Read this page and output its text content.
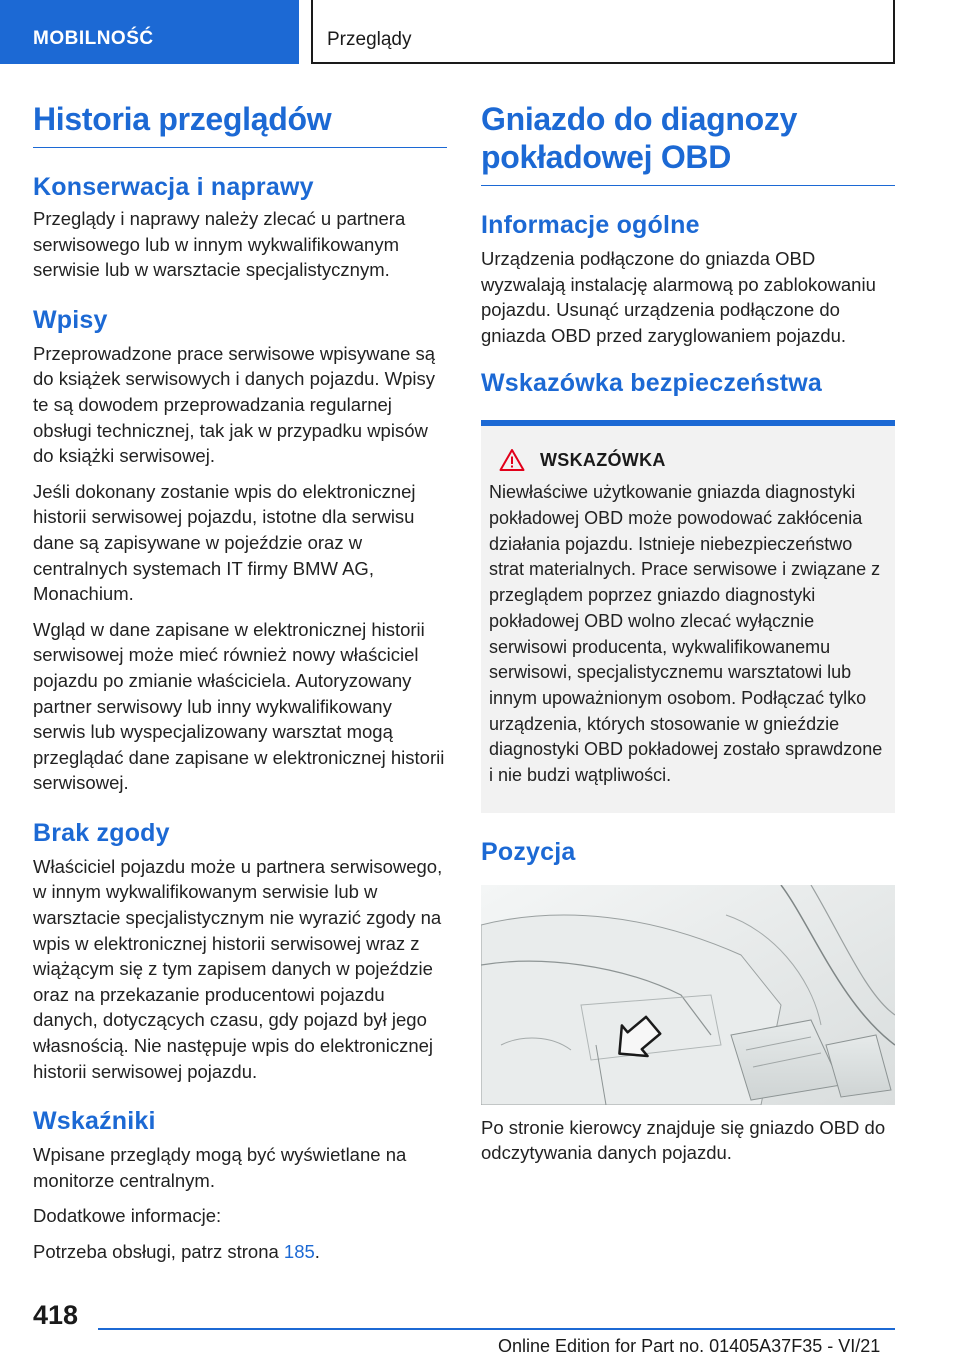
MOBILNOŚĆ	Przeglądy
Historia przeglądów
Konserwacja i naprawy

Przeglądy i naprawy należy zlecać u partnera serwisowego lub w innym wykwalifikowanym serwisie lub w warsztacie specjalistycznym.

Wpisy

Przeprowadzone prace serwisowe wpisywane są do książek serwisowych i danych pojazdu. Wpisy te są dowodem przeprowadzania regularnej obsługi technicznej, tak jak w przypadku wpisów do książki serwisowej.

Jeśli dokonany zostanie wpis do elektronicznej historii serwisowej pojazdu, istotne dla serwisu dane są zapisywane w pojeździe oraz w centralnych systemach IT firmy BMW AG, Monachium.

Wgląd w dane zapisane w elektronicznej historii serwisowej może mieć również nowy właściciel pojazdu po zmianie właściciela. Autoryzowany partner serwisowy lub inny wykwalifikowany serwis lub wyspecjalizowany warsztat mogą przeglądać dane zapisane w elektronicznej historii serwisowej.

Brak zgody

Właściciel pojazdu może u partnera serwisowego, w innym wykwalifikowanym serwisie lub w warsztacie specjalistycznym nie wyrazić zgody na wpis w elektronicznej historii serwisowej wraz z wiążącym się z tym zapisem danych w pojeździe oraz na przekazanie producentowi pojazdu danych, dotyczących czasu, gdy pojazd był jego własnością. Nie następuje wpis do elektronicznej historii serwisowej pojazdu.

Wskaźniki

Wpisane przeglądy mogą być wyświetlane na monitorze centralnym.

Dodatkowe informacje:

Potrzeba obsługi, patrz strona 185.

Gniazdo do diagnozy pokładowej OBD
Informacje ogólne

Urządzenia podłączone do gniazda OBD wyzwalają instalację alarmową po zablokowaniu pojazdu. Usunąć urządzenia podłączone do gniazda OBD przed zaryglowaniem pojazdu.

Wskazówka bezpieczeństwa
WSKAZÓWKA

Niewłaściwe użytkowanie gniazda diagnostyki pokładowej OBD może powodować zakłócenia działania pojazdu. Istnieje niebezpieczeństwo strat materialnych. Prace serwisowe i związane z przeglądem poprzez gniazdo diagnostyki pokładowej OBD wolno zlecać wyłącznie serwisowi producenta, wykwalifikowanemu serwisowi, specjalistycznemu warsztatowi lub innym upoważnionym osobom. Podłączać tylko urządzenia, których stosowanie w gnieździe diagnostyki OBD pokładowej zostało sprawdzone i nie budzi wątpliwości.

Pozycja

Po stronie kierowcy znajduje się gniazdo OBD do odczytywania danych pojazdu.

418
Online Edition for Part no. 01405A37F35 - VI/21
